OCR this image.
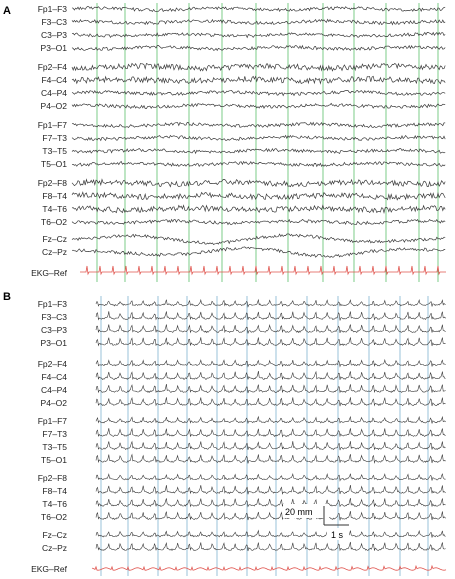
A	Fp1–F3
F3–C3
C3–P3
P3–O1
Fp2–F4
F4–C4
C4–P4
P4–O2
Fp1–F7
F7–T3
T3–T5
T5–O1
Fp2–F8
F8–T4
T4–T6
T6–O2
Fz–Cz
Cz–Pz
EKG–Ref
B
Fp1–F3
F3–C3
C3–P3
P3–O1
Fp2–F4
F4–C4
C4–P4
P4–O2
Fp1–F7
F7–T3
T3–T5
T5–O1
Fp2–F8
F8–T4
T4–T6
T6–O2
Fz–Cz
Cz–Pz
EKG–Ref
20 mm
1 s
